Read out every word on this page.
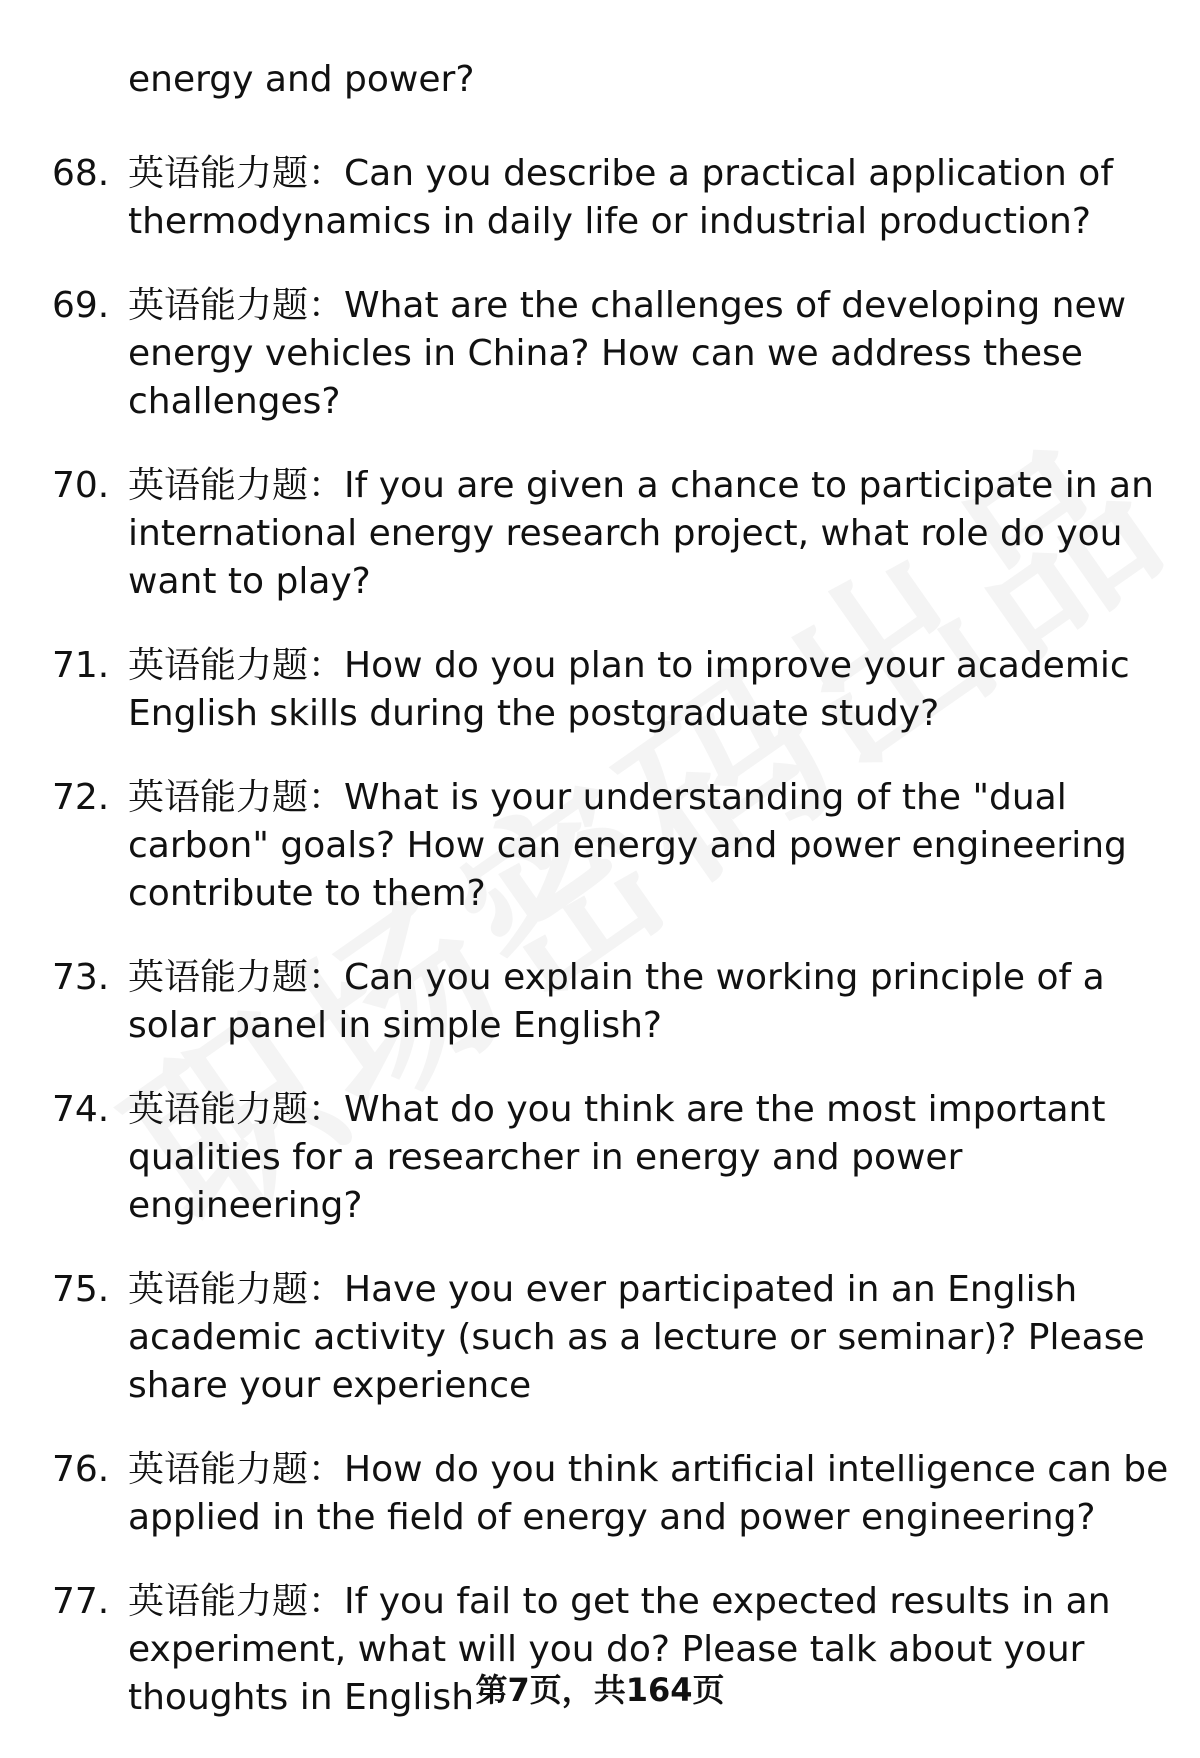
energy and power?
68. 英语能力题：Can you describe a practical application of thermodynamics in daily life or industrial production?
69. 英语能力题：What are the challenges of developing new energy vehicles in China? How can we address these challenges?
70. 英语能力题：If you are given a chance to participate in an international energy research project, what role do you want to play?
71. 英语能力题：How do you plan to improve your academic English skills during the postgraduate study?
72. 英语能力题：What is your understanding of the "dual carbon" goals? How can energy and power engineering contribute to them?
73. 英语能力题：Can you explain the working principle of a solar panel in simple English?
74. 英语能力题：What do you think are the most important qualities for a researcher in energy and power engineering?
75. 英语能力题：Have you ever participated in an English academic activity (such as a lecture or seminar)? Please share your experience
76. 英语能力题：How do you think artificial intelligence can be applied in the field of energy and power engineering?
77. 英语能力题：If you fail to get the expected results in an experiment, what will you do? Please talk about your thoughts in English 第7页，共164页
